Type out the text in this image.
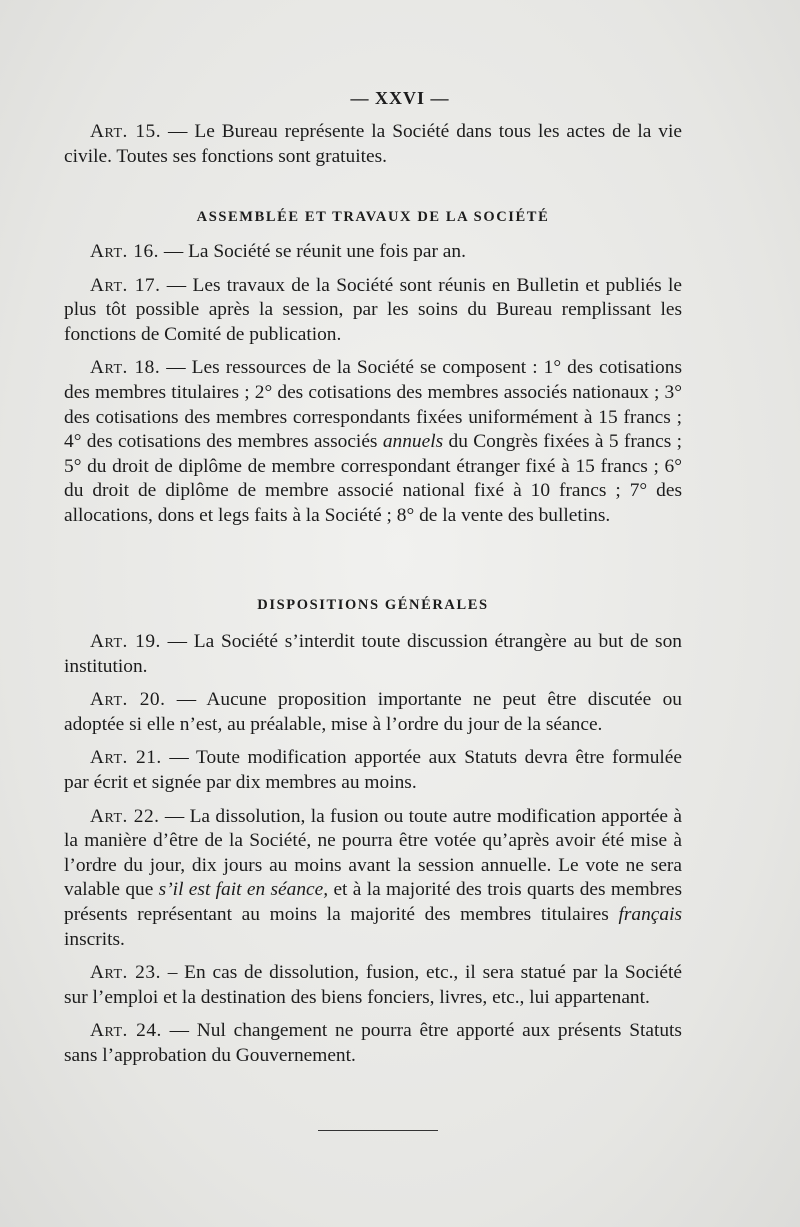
— XXVI —

Art. 15. — Le Bureau représente la Société dans tous les actes de la vie civile. Toutes ses fonctions sont gratuites.

ASSEMBLÉE ET TRAVAUX DE LA SOCIÉTÉ

Art. 16. — La Société se réunit une fois par an.

Art. 17. — Les travaux de la Société sont réunis en Bulletin et publiés le plus tôt possible après la session, par les soins du Bureau remplissant les fonctions de Comité de publication.

Art. 18. — Les ressources de la Société se composent : 1° des cotisations des membres titulaires ; 2° des cotisations des membres associés nationaux ; 3° des cotisations des membres correspondants fixées uniformément à 15 francs ; 4° des cotisations des membres associés annuels du Congrès fixées à 5 francs ; 5° du droit de diplôme de membre correspondant étranger fixé à 15 francs ; 6° du droit de diplôme de membre associé national fixé à 10 francs ; 7° des allocations, dons et legs faits à la Société ; 8° de la vente des bulletins.

DISPOSITIONS GÉNÉRALES

Art. 19. — La Société s’interdit toute discussion étrangère au but de son institution.

Art. 20. — Aucune proposition importante ne peut être discutée ou adoptée si elle n’est, au préalable, mise à l’ordre du jour de la séance.

Art. 21. — Toute modification apportée aux Statuts devra être formulée par écrit et signée par dix membres au moins.

Art. 22. — La dissolution, la fusion ou toute autre modification apportée à la manière d’être de la Société, ne pourra être votée qu’après avoir été mise à l’ordre du jour, dix jours au moins avant la session annuelle. Le vote ne sera valable que s’il est fait en séance, et à la majorité des trois quarts des membres présents représentant au moins la majorité des membres titulaires français inscrits.

Art. 23. – En cas de dissolution, fusion, etc., il sera statué par la Société sur l’emploi et la destination des biens fonciers, livres, etc., lui appartenant.

Art. 24. — Nul changement ne pourra être apporté aux présents Statuts sans l’approbation du Gouvernement.
